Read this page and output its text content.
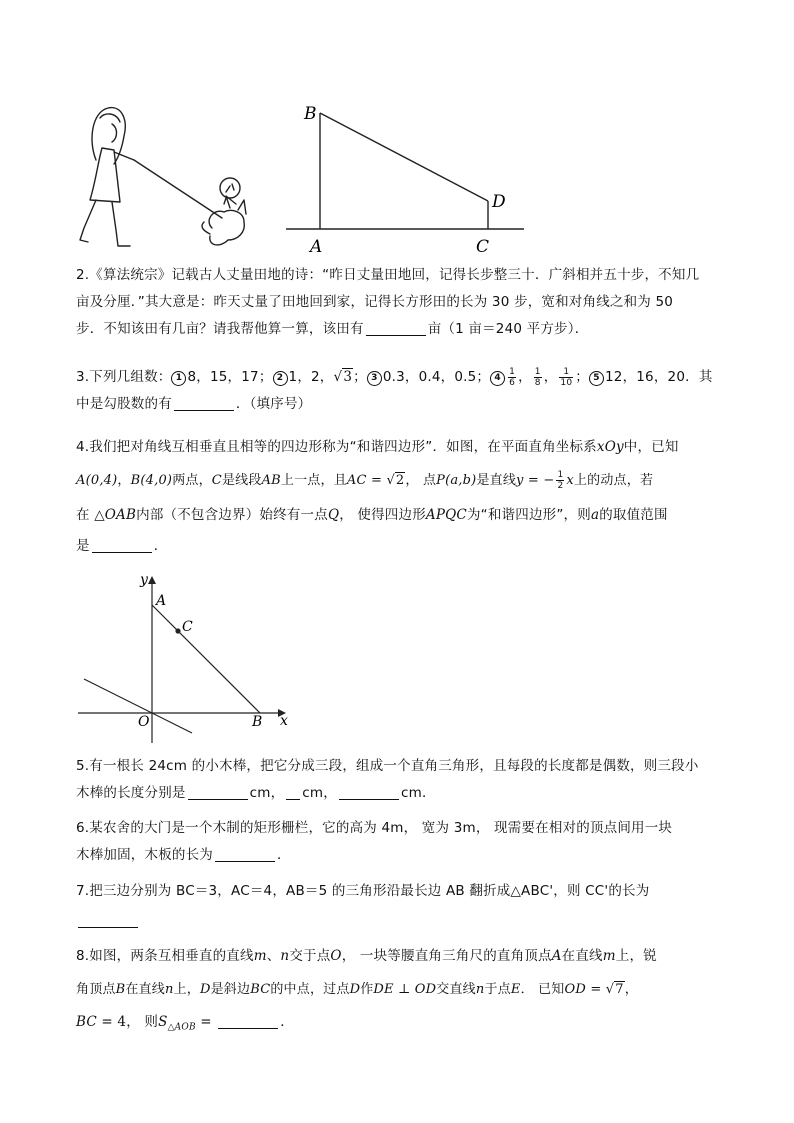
B
A	C
D
2.《算法统宗》记载古人丈量田地的诗：“昨日丈量田地回，记得长步整三十．广斜相并五十步，不知几
亩及分厘．”其大意是：昨天丈量了田地回到家，记得长方形田的长为 30 步，宽和对角线之和为 50
步．不知该田有几亩？请我帮他算一算，该田有	亩（1 亩＝240 平方步）．
3.下列几组数： 1 8，15，17； 2 1，2，√3； 3 0.3，0.4，0.5； $4 \frac{1}{6}$ ， $\frac{1}{8}$ ， $\frac{1}{10}$ ； 5 12，16，20．其
中是勾股数的有	．（填序号）
4.我们把对角线互相垂直且相等的四边形称为“和谐四边形”．如图，在平面直角坐标系xOy中，已知
A(0,4)，B(4,0)两点，C是线段AB上一点，且AC = √2， 点P(a,b)是直线y = − $\frac{1}{2}$ x上的动点，若
在 △OAB内部（不包含边界）始终有一点Q， 使得四边形APQC为“和谐四边形”，则a的取值范围
是	．
y
x
A
C
O	B
5.有一根长 24cm 的小木棒，把它分成三段，组成一个直角三角形，且每段的长度都是偶数，则三段小
木棒的长度分别是	cm， cm，	cm．
6.某农舍的大门是一个木制的矩形栅栏，它的高为 4m， 宽为 3m， 现需要在相对的顶点间用一块
木棒加固，木板的长为	．
7.把三边分别为 BC＝3，AC＝4，AB＝5 的三角形沿最长边 AB 翻折成△ABC'，则 CC'的长为
8.如图，两条互相垂直的直线m、n交于点O， 一块等腰直角三角尺的直角顶点A在直线m上，锐
角顶点B在直线n上，D是斜边BC的中点，过点D作DE ⊥ OD交直线n于点E． 已知OD = √7，
BC = 4， 则$S_{\triangle AOB}$ =	．
